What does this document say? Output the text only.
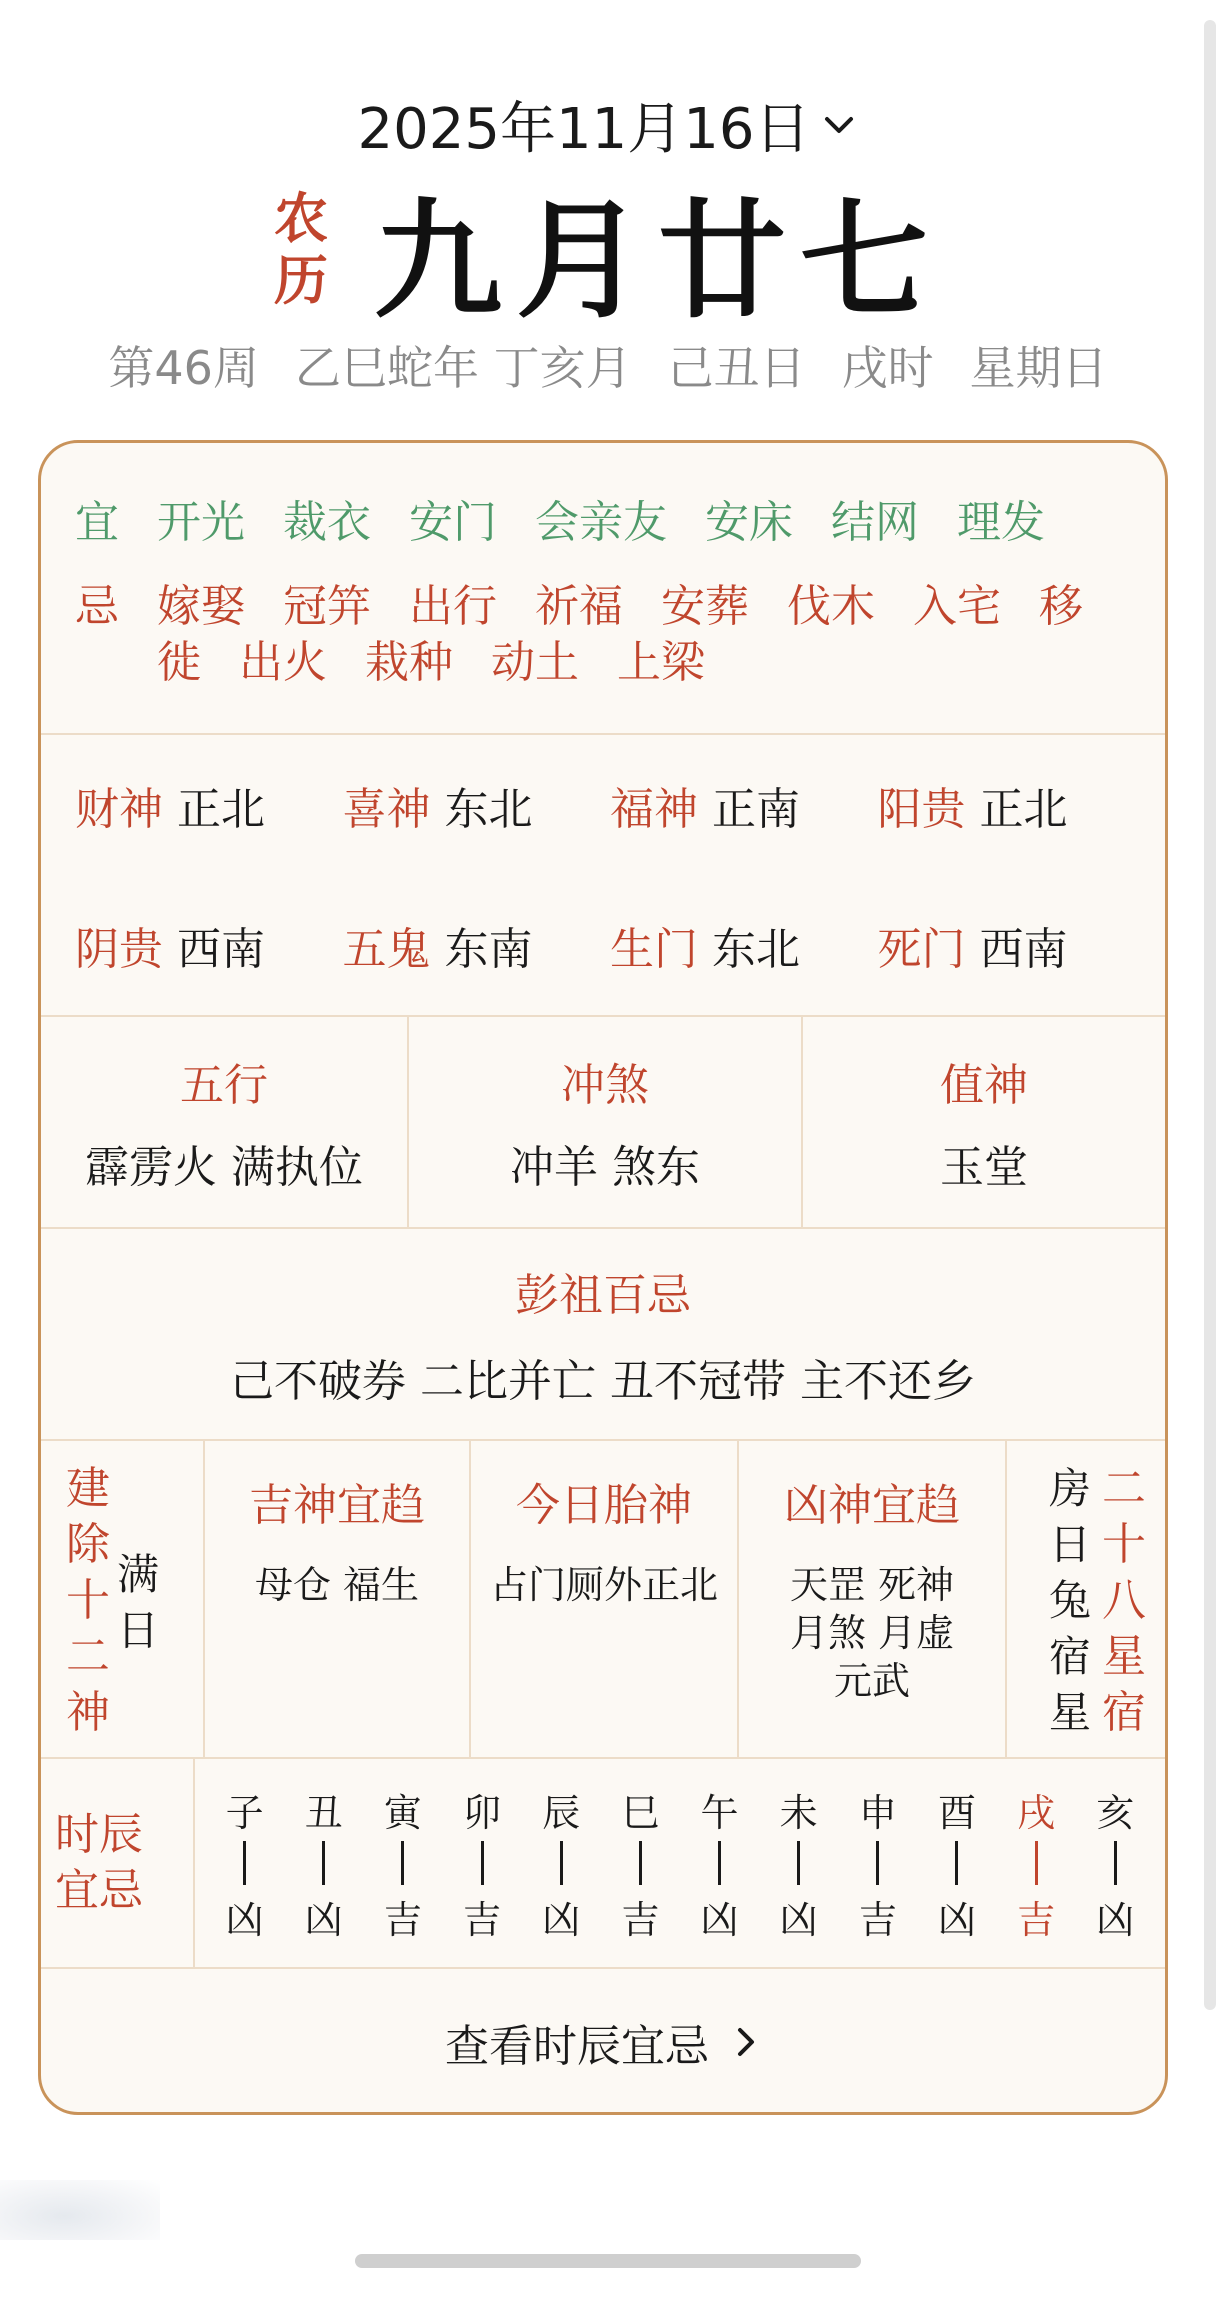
2025年11月16日
农
历 九月廿七
第46周 乙巳蛇年 丁亥月 己丑日 戌时 星期日
宜 开光 裁衣 安门 会亲友 安床 结网 理发
忌 嫁娶 冠笄 出行 祈福 安葬 伐木 入宅 移徙 出火 栽种 动土 上梁
财神 正北 喜神 东北 福神 正南 阳贵 正北
阴贵 西南 五鬼 东南 生门 东北 死门 西南
五行
霹雳火 满执位
冲煞
冲羊 煞东
值神
玉堂
彭祖百忌
己不破券 二比并亡 丑不冠带 主不还乡
建
除
十
二
神
满
日
吉神宜趋
母仓 福生
今日胎神
占门厕外正北
凶神宜趋
天罡 死神
月煞 月虚
元武
房
日
兔
宿
星
二
十
八
星
宿
时辰
宜忌
子
凶
丑
凶
寅
吉
卯
吉
辰
凶
巳
吉
午
凶
未
凶
申
吉
酉
凶
戌
吉
亥
凶
查看时辰宜忌
